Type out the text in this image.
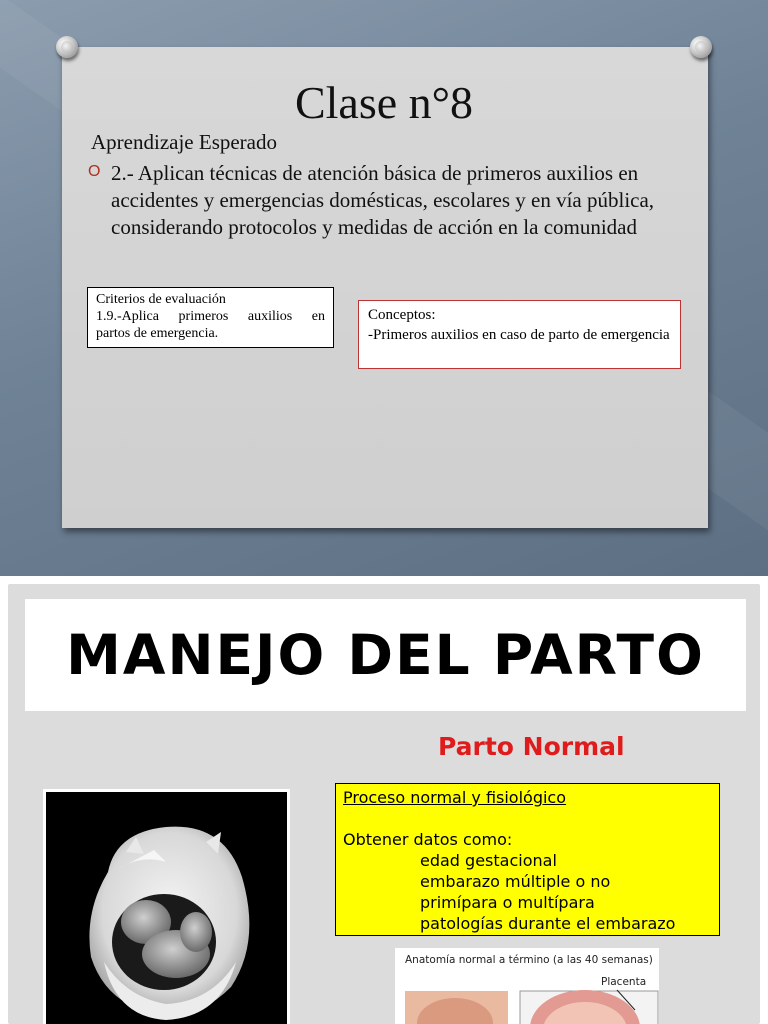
Clase n°8
Aprendizaje Esperado
O 2.- Aplican técnicas de atención básica de primeros auxilios en accidentes y emergencias domésticas, escolares y en vía pública, considerando protocolos y medidas de acción en la comunidad
Criterios de evaluación
1.9.-Aplica primeros auxilios en
partos de emergencia.
Conceptos:
-Primeros auxilios en caso de parto de emergencia
MANEJO DEL PARTO
Parto Normal
Proceso normal y fisiológico
Obtener datos como:
edad gestacional
embarazo múltiple o no
primípara o multípara
patologías durante el embarazo
Anatomía normal a término (a las 40 semanas)
Placenta
